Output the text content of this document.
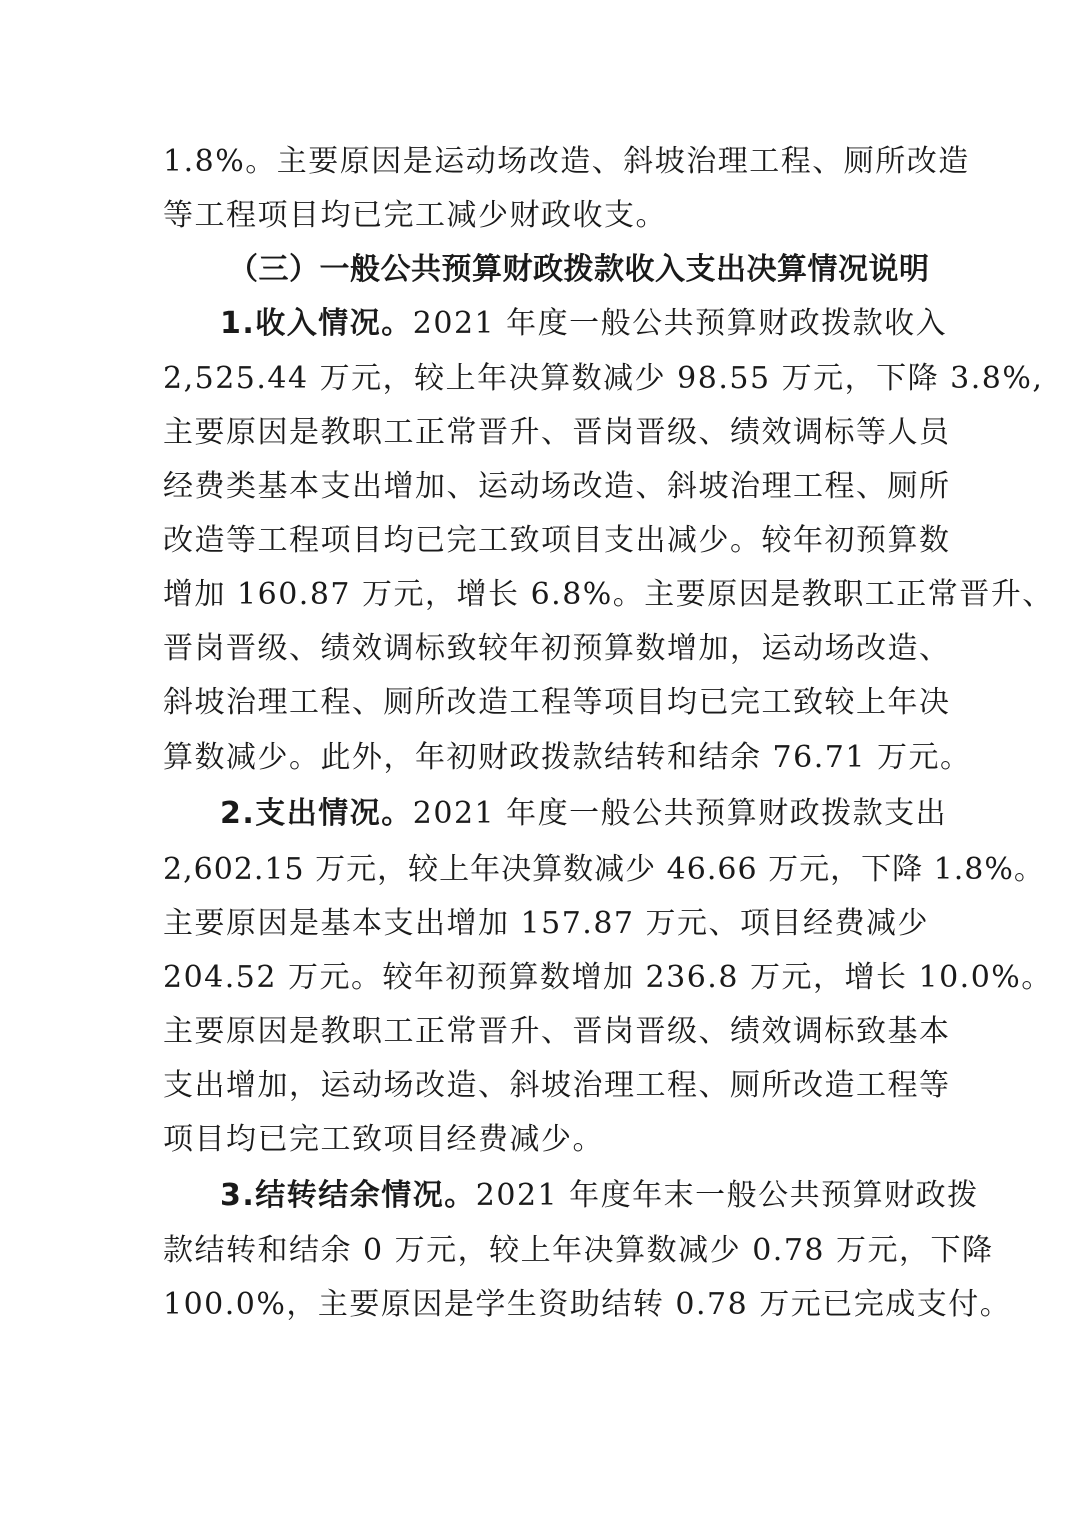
1.8%。主要原因是运动场改造、斜坡治理工程、厕所改造
等工程项目均已完工减少财政收支。
（三）一般公共预算财政拨款收入支出决算情况说明
1.收入情况。2021 年度一般公共预算财政拨款收入
2,525.44 万元，较上年决算数减少 98.55 万元，下降 3.8%,
主要原因是教职工正常晋升、晋岗晋级、绩效调标等人员
经费类基本支出增加、运动场改造、斜坡治理工程、厕所
改造等工程项目均已完工致项目支出减少。较年初预算数
增加 160.87 万元，增长 6.8%。主要原因是教职工正常晋升、
晋岗晋级、绩效调标致较年初预算数增加，运动场改造、
斜坡治理工程、厕所改造工程等项目均已完工致较上年决
算数减少。此外，年初财政拨款结转和结余 76.71 万元。
2.支出情况。2021 年度一般公共预算财政拨款支出
2,602.15 万元，较上年决算数减少 46.66 万元，下降 1.8%。
主要原因是基本支出增加 157.87 万元、项目经费减少
204.52 万元。较年初预算数增加 236.8 万元，增长 10.0%。
主要原因是教职工正常晋升、晋岗晋级、绩效调标致基本
支出增加，运动场改造、斜坡治理工程、厕所改造工程等
项目均已完工致项目经费减少。
3.结转结余情况。2021 年度年末一般公共预算财政拨
款结转和结余 0 万元，较上年决算数减少 0.78 万元，下降
100.0%，主要原因是学生资助结转 0.78 万元已完成支付。
